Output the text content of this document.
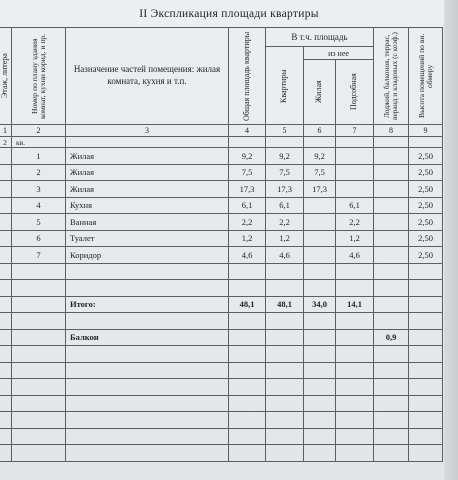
II Экспликация площади квартиры
Этаж, литера	Номер по плану здания комнат, кухни корид. и пр.	Назначение частей помещения: жилая комната, кухня и т.п.	Общая площадь квартиры	В т.ч. площадь			Лоджий, балконов, террас, веранд и кладовых (с коэф.)	Высота помещений по вн. обмеру

				Квартиры	из нее			

					Жилая	Подсобная		

1	2	3	4	5	6	7	8	9
2	кв.							
	1	Жилая	9,2	9,2	9,2			2,50
	2	Жилая	7,5	7,5	7,5			2,50
	3	Жилая	17,3	17,3	17,3			2,50
	4	Кухня	6,1	6,1		6,1		2,50
	5	Ванная	2,2	2,2		2,2		2,50
	6	Туалет	1,2	1,2		1,2		2,50
	7	Коридор	4,6	4,6		4,6		2,50

		Итого:	48,1	48,1	34,0	14,1		

		Балкон					0,9	
